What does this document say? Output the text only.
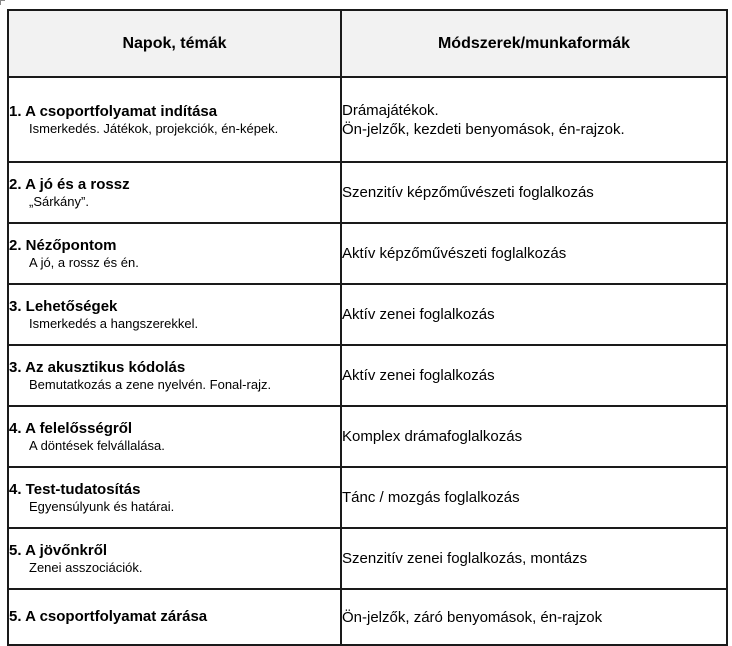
Napok, témák	Módszerek/munkaformák

1. A csoportfolyamat indítása
Ismerkedés. Játékok, projekciók, én-képek.	Drámajátékok.
Ön-jelzők, kezdeti benyomások, én-rajzok.

2. A jó és a rossz
„Sárkány”.	Szenzitív képzőművészeti foglalkozás

2. Nézőpontom
A jó, a rossz és én.	Aktív képzőművészeti foglalkozás

3. Lehetőségek
Ismerkedés a hangszerekkel.	Aktív zenei foglalkozás

3. Az akusztikus kódolás
Bemutatkozás a zene nyelvén. Fonal-rajz.	Aktív zenei foglalkozás

4. A felelősségről
A döntések felvállalása.	Komplex drámafoglalkozás

4. Test-tudatosítás
Egyensúlyunk és határai.	Tánc / mozgás foglalkozás

5. A jövőnkről
Zenei asszociációk.	Szenzitív zenei foglalkozás, montázs

5. A csoportfolyamat zárása	Ön-jelzők, záró benyomások, én-rajzok
